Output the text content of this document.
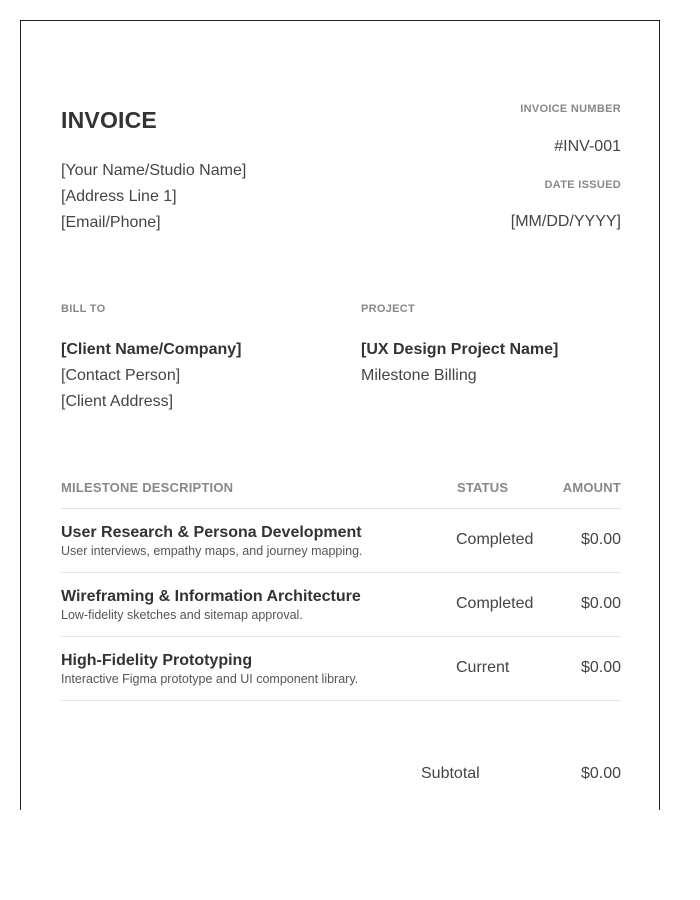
INVOICE
[Your Name/Studio Name]
[Address Line 1]
[Email/Phone]
INVOICE NUMBER
#INV-001
DATE ISSUED
[MM/DD/YYYY]
BILL TO
[Client Name/Company]
[Contact Person]
[Client Address]
PROJECT
[UX Design Project Name]
Milestone Billing
MILESTONE DESCRIPTION	STATUS	AMOUNT
User Research & Persona Development
User interviews, empathy maps, and journey mapping.
Completed	$0.00
Wireframing & Information Architecture
Low-fidelity sketches and sitemap approval.
Completed	$0.00
High-Fidelity Prototyping
Interactive Figma prototype and UI component library.
Current	$0.00
Subtotal	$0.00
